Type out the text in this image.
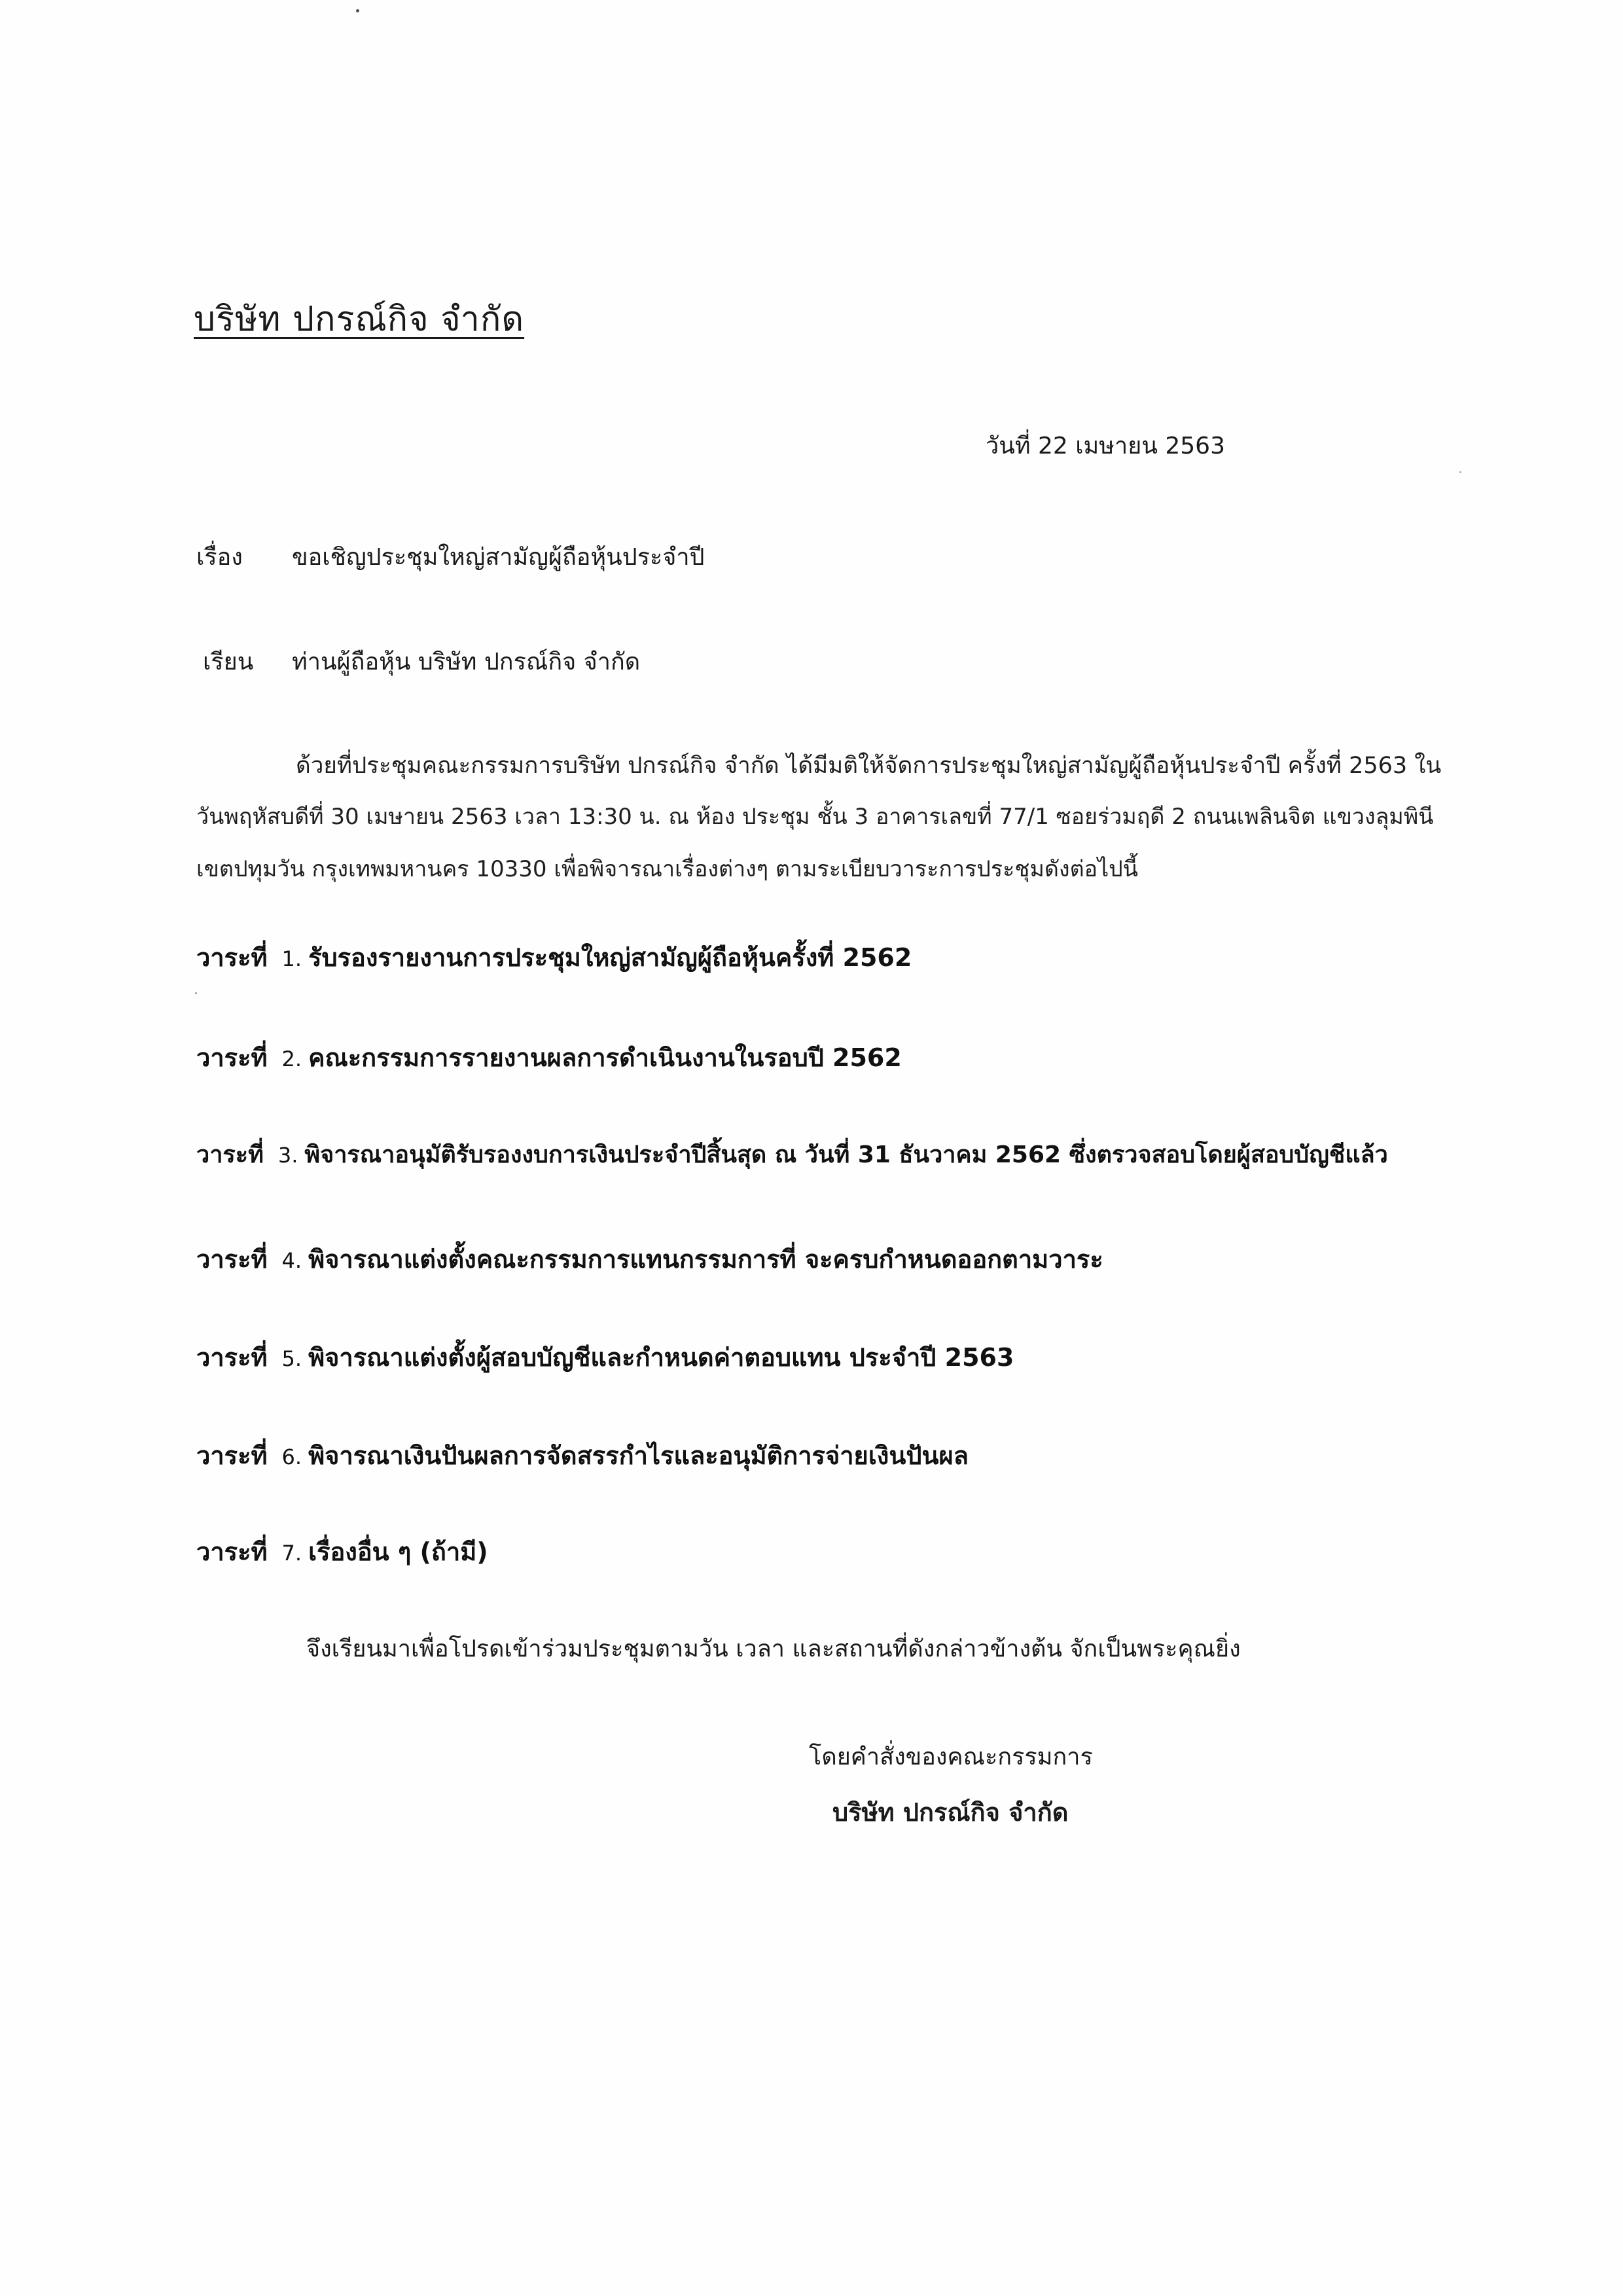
บริษัท ปกรณ์กิจ จำกัด
วันที่ 22 เมษายน 2563
เรื่อง ขอเชิญประชุมใหญ่สามัญผู้ถือหุ้นประจำปี
เรียน ท่านผู้ถือหุ้น บริษัท ปกรณ์กิจ จำกัด
ด้วยที่ประชุมคณะกรรมการบริษัท ปกรณ์กิจ จำกัด ได้มีมติให้จัดการประชุมใหญ่สามัญผู้ถือหุ้นประจำปี ครั้งที่ 2563 ใน
วันพฤหัสบดีที่ 30 เมษายน 2563 เวลา 13:30 น. ณ ห้อง ประชุม ชั้น 3 อาคารเลขที่ 77/1 ซอยร่วมฤดี 2 ถนนเพลินจิต แขวงลุมพินี
เขตปทุมวัน กรุงเทพมหานคร 10330 เพื่อพิจารณาเรื่องต่างๆ ตามระเบียบวาระการประชุมดังต่อไปนี้
วาระที่ 1. รับรองรายงานการประชุมใหญ่สามัญผู้ถือหุ้นครั้งที่ 2562
วาระที่ 2. คณะกรรมการรายงานผลการดำเนินงานในรอบปี 2562
วาระที่ 3. พิจารณาอนุมัติรับรองงบการเงินประจำปีสิ้นสุด ณ วันที่ 31 ธันวาคม 2562 ซึ่งตรวจสอบโดยผู้สอบบัญชีแล้ว
วาระที่ 4. พิจารณาแต่งตั้งคณะกรรมการแทนกรรมการที่ จะครบกำหนดออกตามวาระ
วาระที่ 5. พิจารณาแต่งตั้งผู้สอบบัญชีและกำหนดค่าตอบแทน ประจำปี 2563
วาระที่ 6.พิจารณาเงินปันผลการจัดสรรกำไรและอนุมัติการจ่ายเงินปันผล
วาระที่ 7. เรื่องอื่น ๆ (ถ้ามี)
จึงเรียนมาเพื่อโปรดเข้าร่วมประชุมตามวัน เวลา และสถานที่ดังกล่าวข้างต้น จักเป็นพระคุณยิ่ง
โดยคำสั่งของคณะกรรมการ
บริษัท ปกรณ์กิจ จำกัด
